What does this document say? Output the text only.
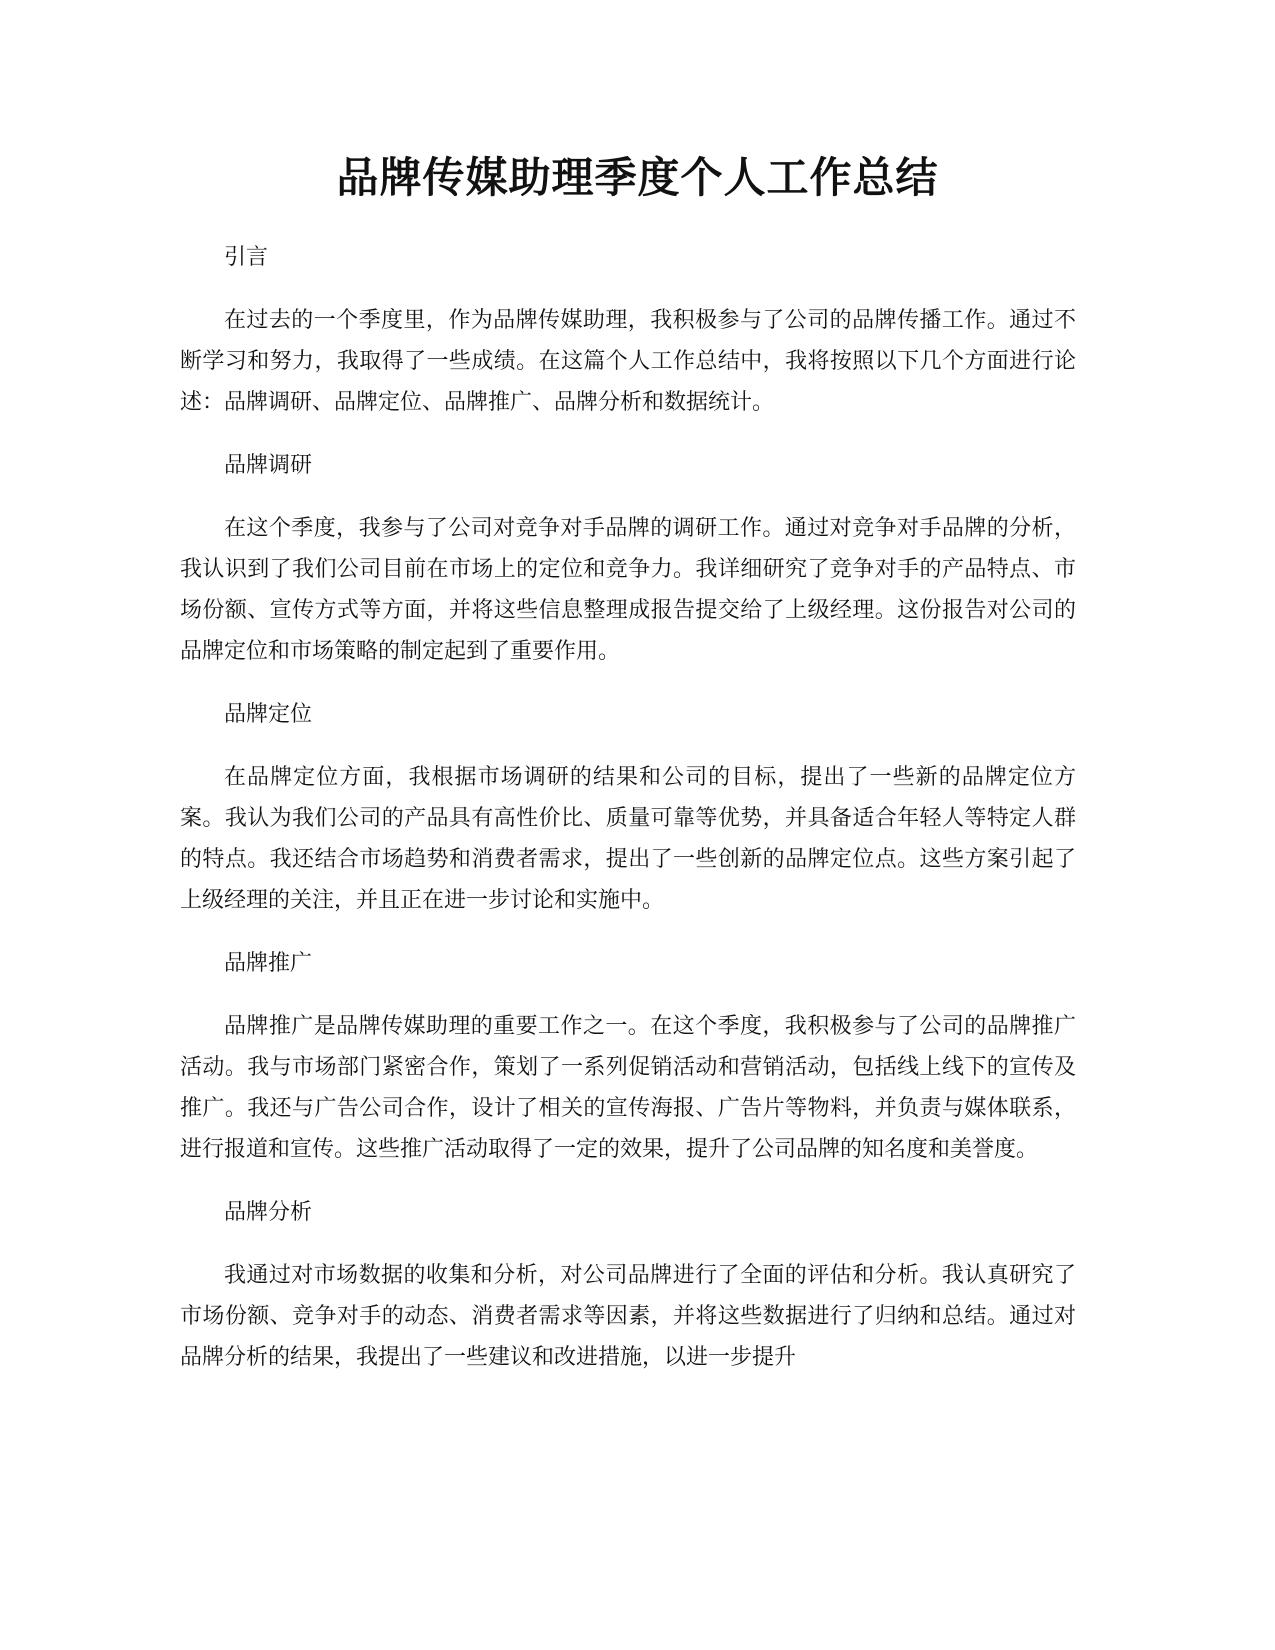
品牌传媒助理季度个人工作总结

引言

在过去的一个季度里，作为品牌传媒助理，我积极参与了公司的品牌传播工作。通过不断学习和努力，我取得了一些成绩。在这篇个人工作总结中，我将按照以下几个方面进行论述：品牌调研、品牌定位、品牌推广、品牌分析和数据统计。

品牌调研

在这个季度，我参与了公司对竞争对手品牌的调研工作。通过对竞争对手品牌的分析，我认识到了我们公司目前在市场上的定位和竞争力。我详细研究了竞争对手的产品特点、市场份额、宣传方式等方面，并将这些信息整理成报告提交给了上级经理。这份报告对公司的品牌定位和市场策略的制定起到了重要作用。

品牌定位

在品牌定位方面，我根据市场调研的结果和公司的目标，提出了一些新的品牌定位方案。我认为我们公司的产品具有高性价比、质量可靠等优势，并具备适合年轻人等特定人群的特点。我还结合市场趋势和消费者需求，提出了一些创新的品牌定位点。这些方案引起了上级经理的关注，并且正在进一步讨论和实施中。

品牌推广

品牌推广是品牌传媒助理的重要工作之一。在这个季度，我积极参与了公司的品牌推广活动。我与市场部门紧密合作，策划了一系列促销活动和营销活动，包括线上线下的宣传及推广。我还与广告公司合作，设计了相关的宣传海报、广告片等物料，并负责与媒体联系，进行报道和宣传。这些推广活动取得了一定的效果，提升了公司品牌的知名度和美誉度。

品牌分析

我通过对市场数据的收集和分析，对公司品牌进行了全面的评估和分析。我认真研究了市场份额、竞争对手的动态、消费者需求等因素，并将这些数据进行了归纳和总结。通过对品牌分析的结果，我提出了一些建议和改进措施，以进一步提升
